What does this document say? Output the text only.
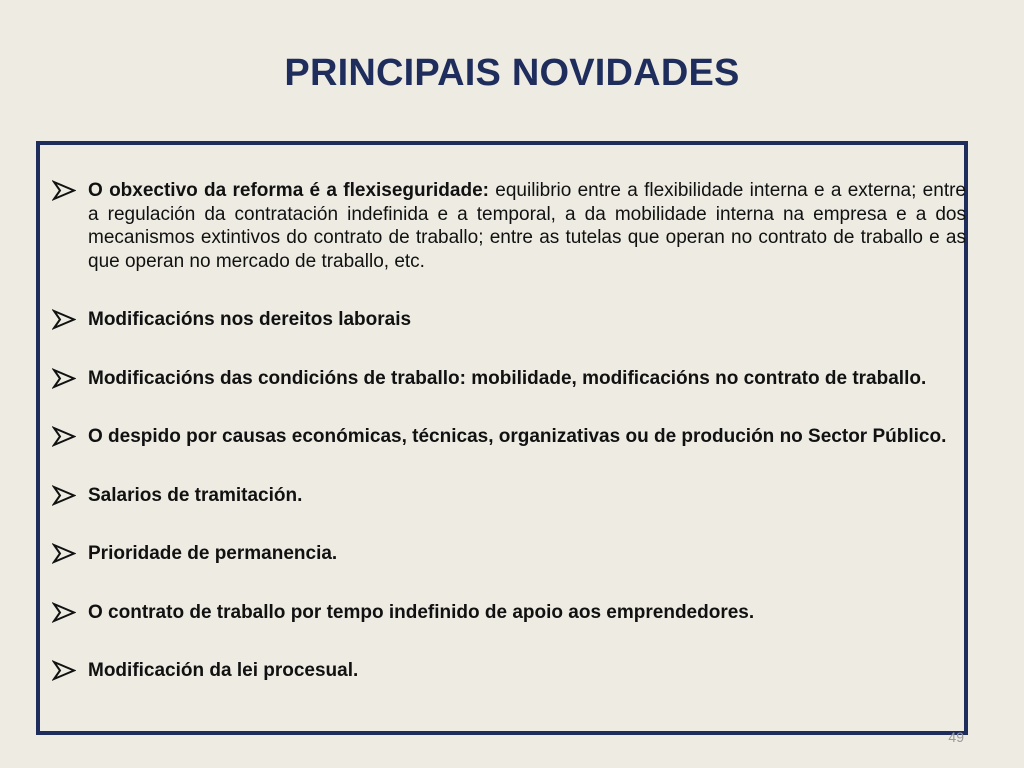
PRINCIPAIS NOVIDADES
O obxectivo da reforma é a flexiseguridade: equilibrio entre a flexibilidade interna e a externa; entre a regulación da contratación indefinida e a temporal, a da mobilidade interna na empresa e a dos mecanismos extintivos do contrato de traballo; entre as tutelas que operan no contrato de traballo e as que operan no mercado de traballo, etc.
Modificacións nos dereitos laborais
Modificacións das condicións de traballo: mobilidade, modificacións no contrato de traballo.
O despido por causas económicas, técnicas, organizativas ou de produción no Sector Público.
Salarios de tramitación.
Prioridade de permanencia.
O contrato de traballo por tempo indefinido de apoio aos emprendedores.
Modificación da lei procesual.
49
